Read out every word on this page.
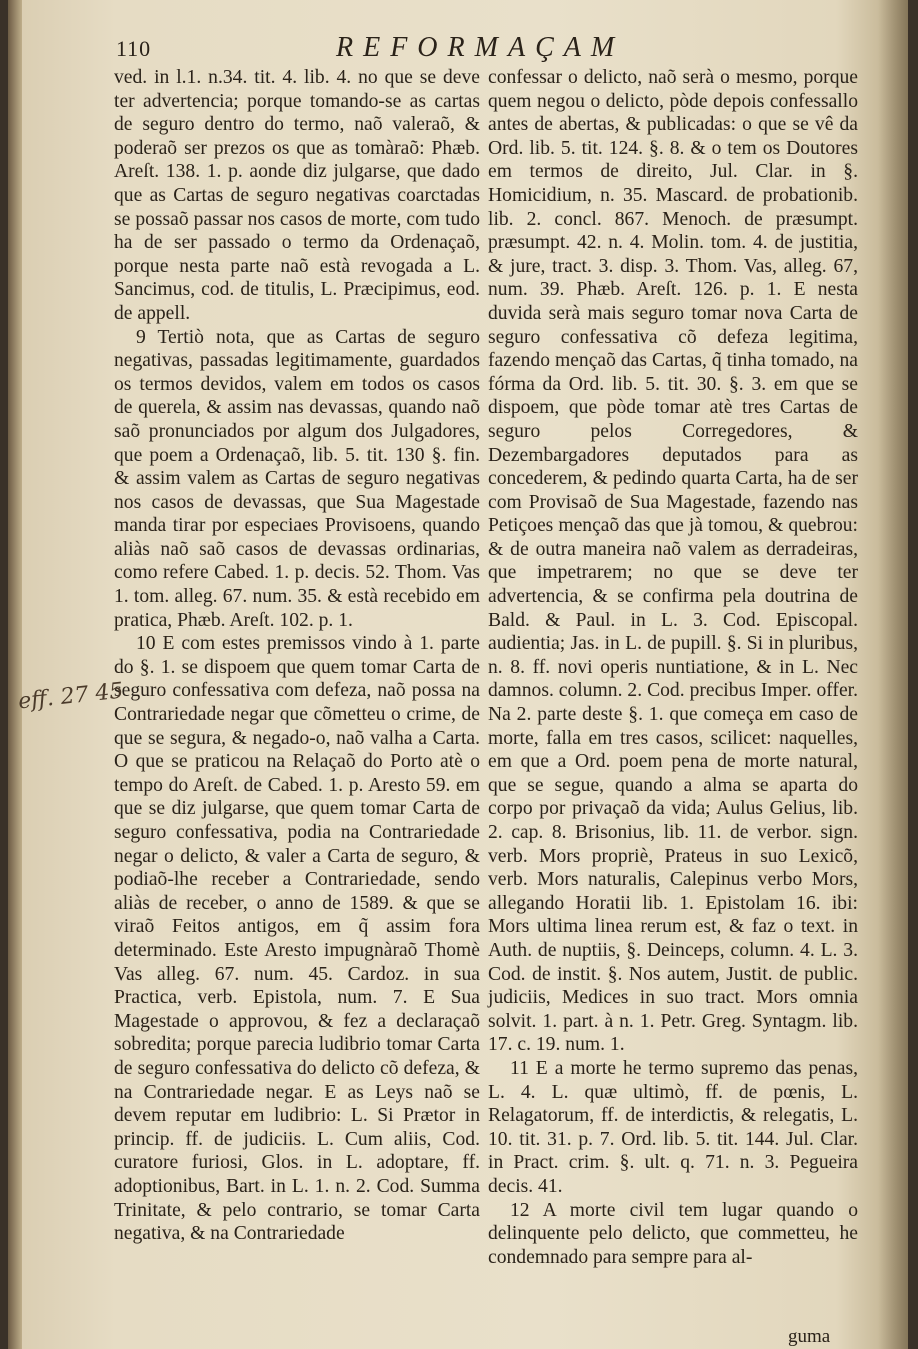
110	REFORMAÇAM

ved. in l.1. n.34. tit. 4. lib. 4. no que se deve ter advertencia; porque tomando-se as cartas de seguro dentro do termo, naõ valeraõ, & poderaõ ser prezos os que as tomàraõ: Phæb. Areſt. 138. 1. p. aonde diz julgarse, que dado que as Cartas de seguro negativas coarctadas se possaõ passar nos casos de morte, com tudo ha de ser passado o termo da Ordenaçaõ, porque nesta parte naõ està revogada a L. Sancimus, cod. de titulis, L. Præcipimus, eod. de appell.

9 Tertiò nota, que as Cartas de seguro negativas, passadas legitimamente, guardados os termos devidos, valem em todos os casos de querela, & assim nas devassas, quando naõ saõ pronunciados por algum dos Julgadores, que poem a Ordenaçaõ, lib. 5. tit. 130 §. fin. & assim valem as Cartas de seguro negativas nos casos de devassas, que Sua Magestade manda tirar por especiaes Provisoens, quando aliàs naõ saõ casos de devassas ordinarias, como refere Cabed. 1. p. decis. 52. Thom. Vas 1. tom. alleg. 67. num. 35. & està recebido em pratica, Phæb. Areſt. 102. p. 1.

10 E com estes premissos vindo à 1. parte do §. 1. se dispoem que quem tomar Carta de seguro confessativa com defeza, naõ possa na Contrariedade negar que cõmetteu o crime, de que se segura, & negado-o, naõ valha a Carta. O que se praticou na Relaçaõ do Porto atè o tempo do Areſt. de Cabed. 1. p. Aresto 59. em que se diz julgarse, que quem tomar Carta de seguro confessativa, podia na Contrariedade negar o delicto, & valer a Carta de seguro, & podiaõ-lhe receber a Contrariedade, sendo aliàs de receber, o anno de 1589. & que se viraõ Feitos antigos, em q̃ assim fora determinado. Este Aresto impugnàraõ Thomè Vas alleg. 67. num. 45. Cardoz. in sua Practica, verb. Epistola, num. 7. E Sua Magestade o approvou, & fez a declaraçaõ sobredita; porque parecia ludibrio tomar Carta de seguro confessativa do delicto cõ defeza, & na Contrariedade negar. E as Leys naõ se devem reputar em ludibrio: L. Si Prætor in princip. ff. de judiciis. L. Cum aliis, Cod. curatore furiosi, Glos. in L. adoptare, ff. adoptionibus, Bart. in L. 1. n. 2. Cod. Summa Trinitate, & pelo contrario, se tomar Carta negativa, & na Contrariedade

confessar o delicto, naõ serà o mesmo, porque quem negou o delicto, pòde depois confessallo antes de abertas, & publicadas: o que se vê da Ord. lib. 5. tit. 124. §. 8. & o tem os Doutores em termos de direito, Jul. Clar. in §. Homicidium, n. 35. Mascard. de probationib. lib. 2. concl. 867. Menoch. de præsumpt. præsumpt. 42. n. 4. Molin. tom. 4. de justitia, & jure, tract. 3. disp. 3. Thom. Vas, alleg. 67, num. 39. Phæb. Areſt. 126. p. 1. E nesta duvida serà mais seguro tomar nova Carta de seguro confessativa cõ defeza legitima, fazendo mençaõ das Cartas, q̃ tinha tomado, na fórma da Ord. lib. 5. tit. 30. §. 3. em que se dispoem, que pòde tomar atè tres Cartas de seguro pelos Corregedores, & Dezembargadores deputados para as concederem, & pedindo quarta Carta, ha de ser com Provisaõ de Sua Magestade, fazendo nas Petiçoes mençaõ das que jà tomou, & quebrou: & de outra maneira naõ valem as derradeiras, que impetrarem; no que se deve ter advertencia, & se confirma pela doutrina de Bald. & Paul. in L. 3. Cod. Episcopal. audientia; Jas. in L. de pupill. §. Si in pluribus, n. 8. ff. novi operis nuntiatione, & in L. Nec damnos. column. 2. Cod. precibus Imper. offer. Na 2. parte deste §. 1. que começa em caso de morte, falla em tres casos, scilicet: naquelles, em que a Ord. poem pena de morte natural, que se segue, quando a alma se aparta do corpo por privaçaõ da vida; Aulus Gelius, lib. 2. cap. 8. Brisonius, lib. 11. de verbor. sign. verb. Mors propriè, Prateus in suo Lexicõ, verb. Mors naturalis, Calepinus verbo Mors, allegando Horatii lib. 1. Epistolam 16. ibi: Mors ultima linea rerum est, & faz o text. in Auth. de nuptiis, §. Deinceps, column. 4. L. 3. Cod. de instit. §. Nos autem, Justit. de public. judiciis, Medices in suo tract. Mors omnia solvit. 1. part. à n. 1. Petr. Greg. Syntagm. lib. 17. c. 19. num. 1.

11 E a morte he termo supremo das penas, L. 4. L. quæ ultimò, ff. de pœnis, L. Relagatorum, ff. de interdictis, & relegatis, L. 10. tit. 31. p. 7. Ord. lib. 5. tit. 144. Jul. Clar. in Pract. crim. §. ult. q. 71. n. 3. Pegueira decis. 41.

12 A morte civil tem lugar quando o delinquente pelo delicto, que commetteu, he condemnado para sempre para al-

eff. 27 45
guma
